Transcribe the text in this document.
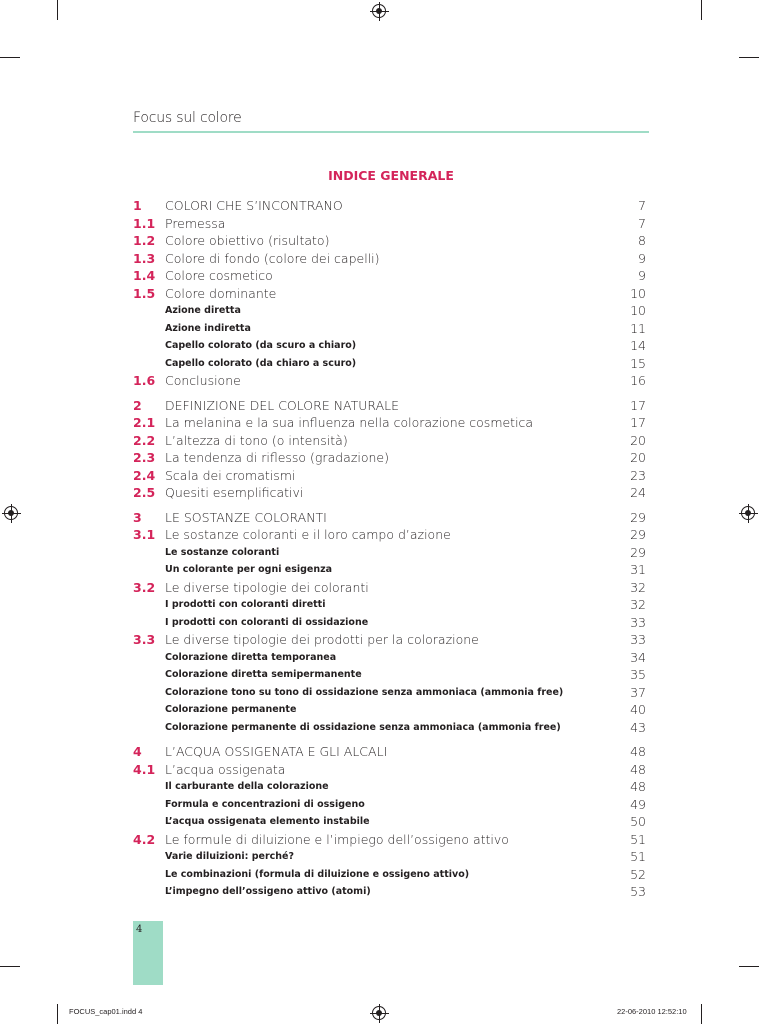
Focus sul colore
INDICE GENERALE
1 COLORI CHE S’INCONTRANO	7
1.1 Premessa	7
1.2 Colore obiettivo (risultato)	8
1.3 Colore di fondo (colore dei capelli)	9
1.4 Colore cosmetico	9
1.5 Colore dominante	10
Azione diretta	10
Azione indiretta	11
Capello colorato (da scuro a chiaro)	14
Capello colorato (da chiaro a scuro)	15
1.6 Conclusione	16
2 DEFINIZIONE DEL COLORE NATURALE	17
2.1 La melanina e la sua influenza nella colorazione cosmetica	17
2.2 L’altezza di tono (o intensità)	20
2.3 La tendenza di riflesso (gradazione)	20
2.4 Scala dei cromatismi	23
2.5 Quesiti esemplificativi	24
3 LE SOSTANZE COLORANTI	29
3.1 Le sostanze coloranti e il loro campo d’azione	29
Le sostanze coloranti	29
Un colorante per ogni esigenza	31
3.2 Le diverse tipologie dei coloranti	32
I prodotti con coloranti diretti	32
I prodotti con coloranti di ossidazione	33
3.3 Le diverse tipologie dei prodotti per la colorazione	33
Colorazione diretta temporanea	34
Colorazione diretta semipermanente	35
Colorazione tono su tono di ossidazione senza ammoniaca (ammonia free)	37
Colorazione permanente	40
Colorazione permanente di ossidazione senza ammoniaca (ammonia free)	43
4 L’ACQUA OSSIGENATA E GLI ALCALI	48
4.1 L’acqua ossigenata	48
Il carburante della colorazione	48
Formula e concentrazioni di ossigeno	49
L’acqua ossigenata elemento instabile	50
4.2 Le formule di diluizione e l’impiego dell’ossigeno attivo	51
Varie diluizioni: perché?	51
Le combinazioni (formula di diluizione e ossigeno attivo)	52
L’impegno dell’ossigeno attivo (atomi)	53
4
FOCUS_cap01.indd 4	22-06-2010 12:52:10
